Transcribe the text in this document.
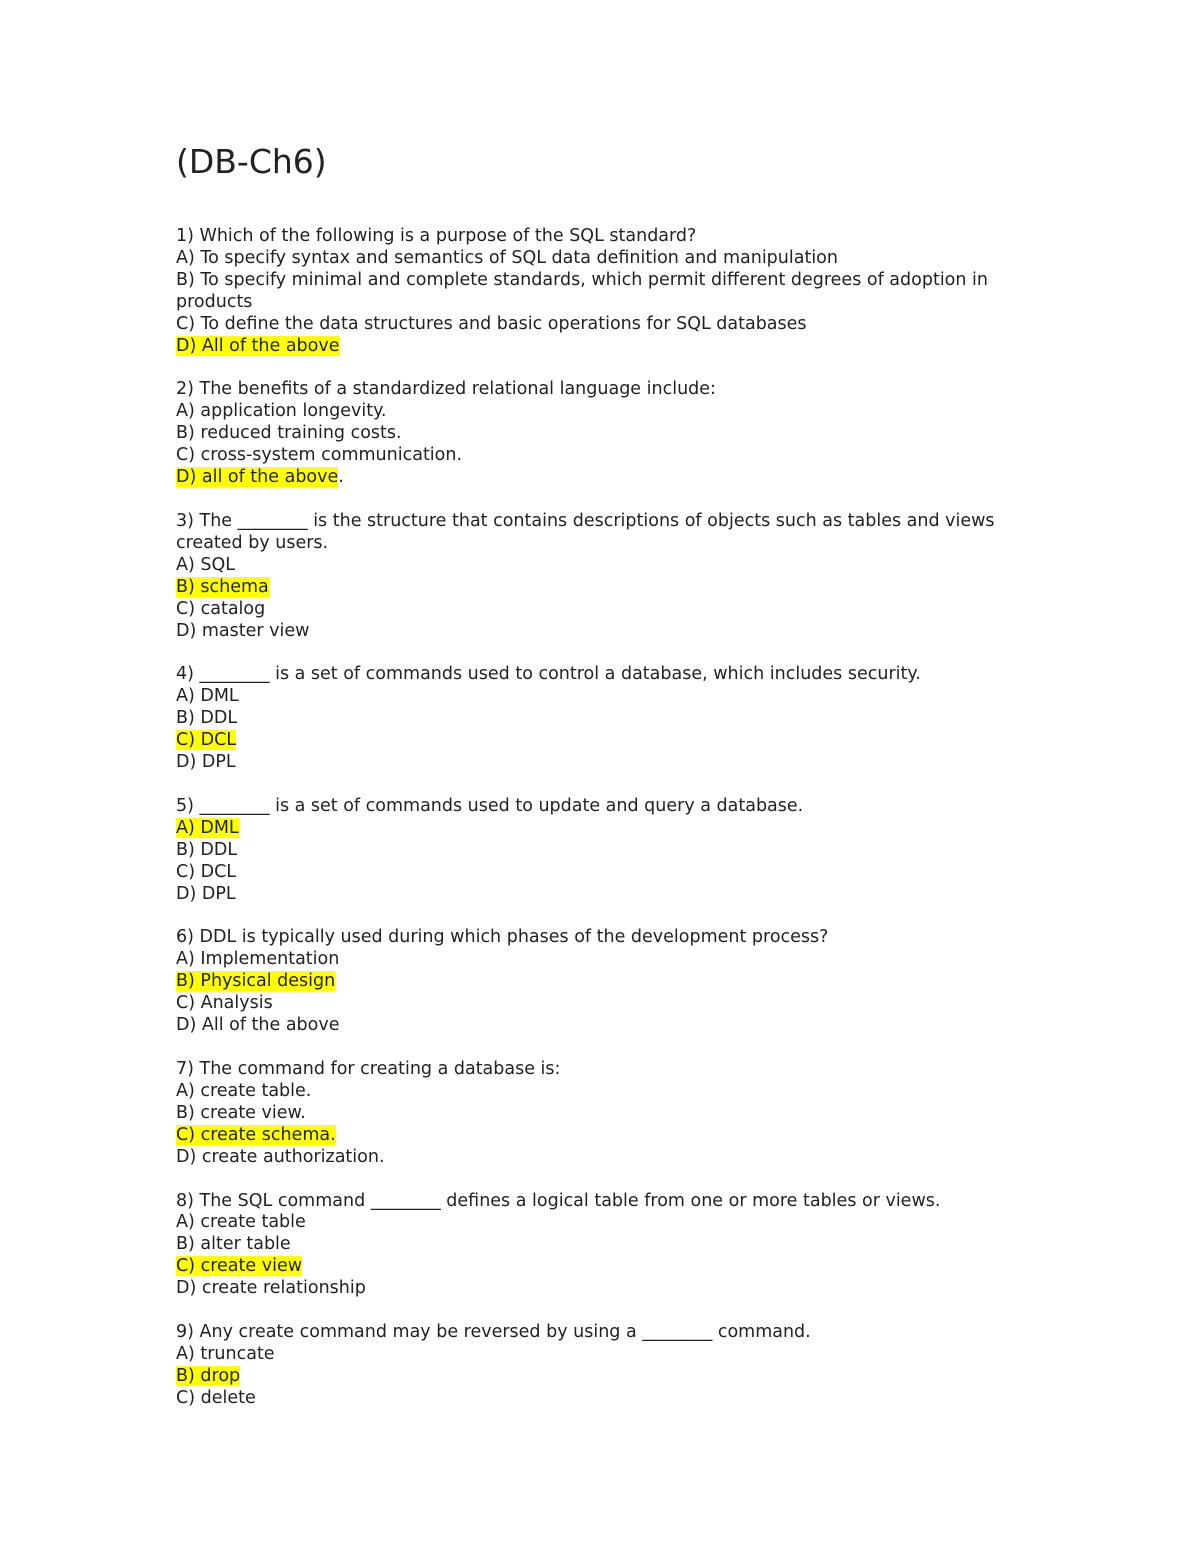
(DB-Ch6)
1) Which of the following is a purpose of the SQL standard?
A) To specify syntax and semantics of SQL data definition and manipulation
B) To specify minimal and complete standards, which permit different degrees of adoption in products
C) To define the data structures and basic operations for SQL databases
D) All of the above
2) The benefits of a standardized relational language include:
A) application longevity.
B) reduced training costs.
C) cross-system communication.
D) all of the above.
3) The ________ is the structure that contains descriptions of objects such as tables and views created by users.
A) SQL
B) schema
C) catalog
D) master view
4) ________ is a set of commands used to control a database, which includes security.
A) DML
B) DDL
C) DCL
D) DPL
5) ________ is a set of commands used to update and query a database.
A) DML
B) DDL
C) DCL
D) DPL
6) DDL is typically used during which phases of the development process?
A) Implementation
B) Physical design
C) Analysis
D) All of the above
7) The command for creating a database is:
A) create table.
B) create view.
C) create schema.
D) create authorization.
8) The SQL command ________ defines a logical table from one or more tables or views.
A) create table
B) alter table
C) create view
D) create relationship
9) Any create command may be reversed by using a ________ command.
A) truncate
B) drop
C) delete
